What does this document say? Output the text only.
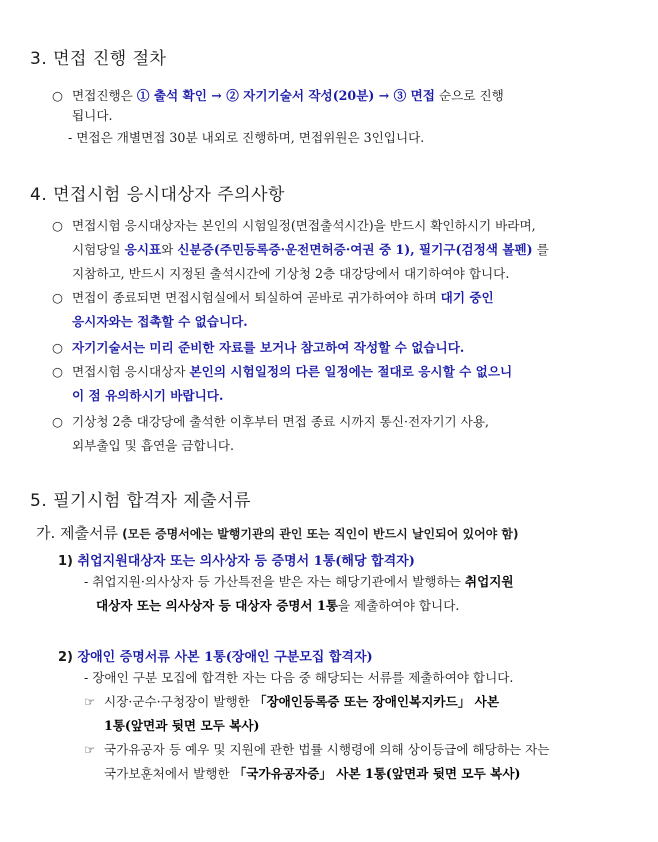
3. 면접 진행 절차
○ 면접진행은 ① 출석 확인 → ② 자기기술서 작성(20분) → ③ 면접 순으로 진행
됩니다.
- 면접은 개별면접 30분 내외로 진행하며, 면접위원은 3인입니다.
4. 면접시험 응시대상자 주의사항
○ 면접시험 응시대상자는 본인의 시험일정(면접출석시간)을 반드시 확인하시기 바라며,
시험당일 응시표와 신분증(주민등록증·운전면허증·여권 중 1), 필기구(검정색 볼펜) 를
지참하고, 반드시 지정된 출석시간에 기상청 2층 대강당에서 대기하여야 합니다.
○ 면접이 종료되면 면접시험실에서 퇴실하여 곧바로 귀가하여야 하며 대기 중인
응시자와는 접촉할 수 없습니다.
○ 자기기술서는 미리 준비한 자료를 보거나 참고하여 작성할 수 없습니다.
○ 면접시험 응시대상자 본인의 시험일정의 다른 일정에는 절대로 응시할 수 없으니
이 점 유의하시기 바랍니다.
○ 기상청 2층 대강당에 출석한 이후부터 면접 종료 시까지 통신·전자기기 사용,
외부출입 및 흡연을 금합니다.
5. 필기시험 합격자 제출서류
가. 제출서류 (모든 증명서에는 발행기관의 관인 또는 직인이 반드시 날인되어 있어야 함)
1) 취업지원대상자 또는 의사상자 등 증명서 1통(해당 합격자)
- 취업지원·의사상자 등 가산특전을 받은 자는 해당기관에서 발행하는 취업지원
대상자 또는 의사상자 등 대상자 증명서 1통을 제출하여야 합니다.
2) 장애인 증명서류 사본 1통(장애인 구분모집 합격자)
- 장애인 구분 모집에 합격한 자는 다음 중 해당되는 서류를 제출하여야 합니다.
☞ 시장·군수·구청장이 발행한 「장애인등록증 또는 장애인복지카드」 사본
1통(앞면과 뒷면 모두 복사)
☞ 국가유공자 등 예우 및 지원에 관한 법률 시행령에 의해 상이등급에 해당하는 자는
국가보훈처에서 발행한 「국가유공자증」 사본 1통(앞면과 뒷면 모두 복사)
